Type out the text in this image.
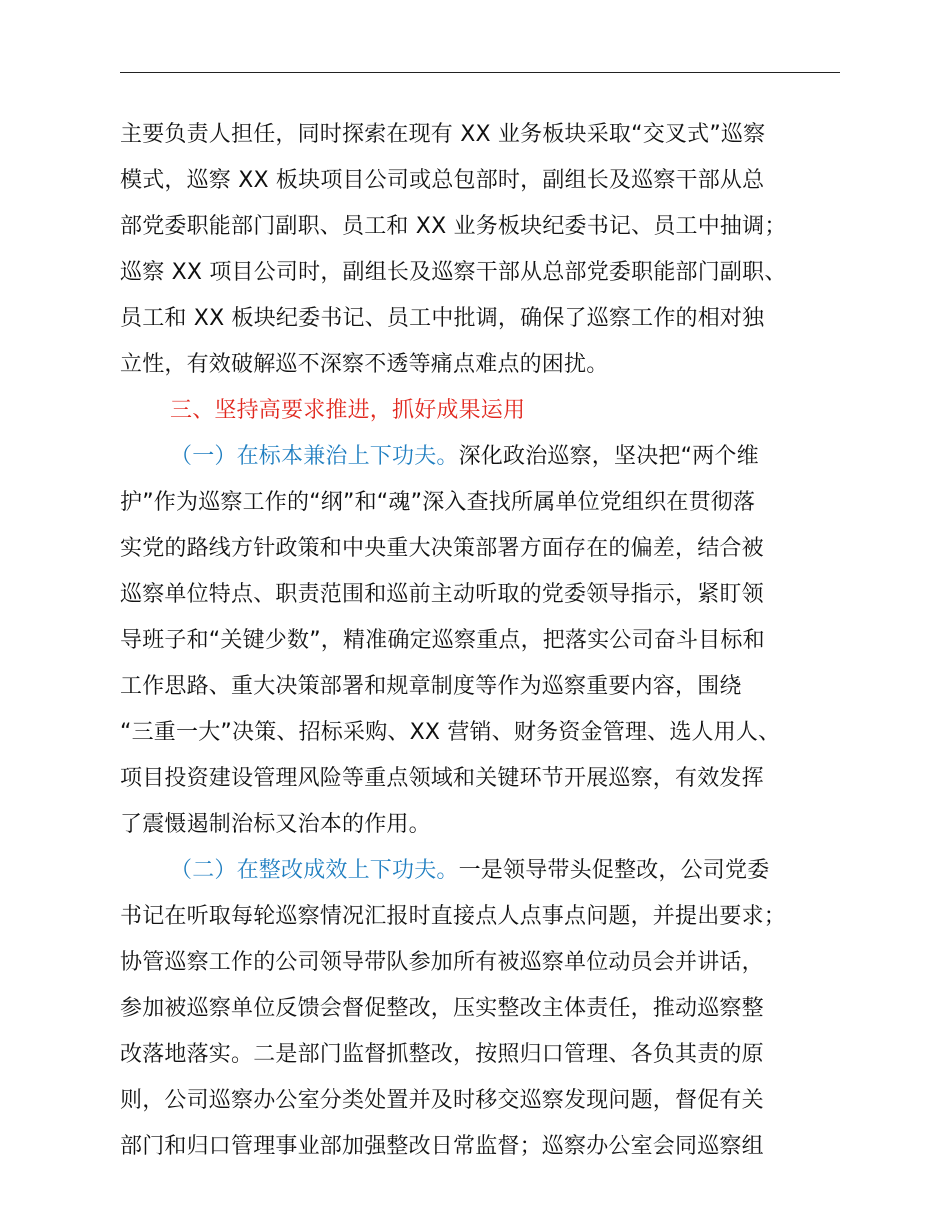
主要负责人担任，同时探索在现有 XX 业务板块采取“交叉式”巡察
模式，巡察 XX 板块项目公司或总包部时，副组长及巡察干部从总
部党委职能部门副职、员工和 XX 业务板块纪委书记、员工中抽调；
巡察 XX 项目公司时，副组长及巡察干部从总部党委职能部门副职、
员工和 XX 板块纪委书记、员工中批调，确保了巡察工作的相对独
立性，有效破解巡不深察不透等痛点难点的困扰。
三、坚持高要求推进，抓好成果运用
（一）在标本兼治上下功夫。深化政治巡察，坚决把“两个维
护”作为巡察工作的“纲”和“魂”深入查找所属单位党组织在贯彻落
实党的路线方针政策和中央重大决策部署方面存在的偏差，结合被
巡察单位特点、职责范围和巡前主动听取的党委领导指示，紧盯领
导班子和“关键少数”，精准确定巡察重点，把落实公司奋斗目标和
工作思路、重大决策部署和规章制度等作为巡察重要内容，围绕
“三重一大”决策、招标采购、XX 营销、财务资金管理、选人用人、
项目投资建设管理风险等重点领域和关键环节开展巡察，有效发挥
了震慑遏制治标又治本的作用。
（二）在整改成效上下功夫。一是领导带头促整改，公司党委
书记在听取每轮巡察情况汇报时直接点人点事点问题，并提出要求；
协管巡察工作的公司领导带队参加所有被巡察单位动员会并讲话，
参加被巡察单位反馈会督促整改，压实整改主体责任，推动巡察整
改落地落实。二是部门监督抓整改，按照归口管理、各负其责的原
则，公司巡察办公室分类处置并及时移交巡察发现问题，督促有关
部门和归口管理事业部加强整改日常监督；巡察办公室会同巡察组
